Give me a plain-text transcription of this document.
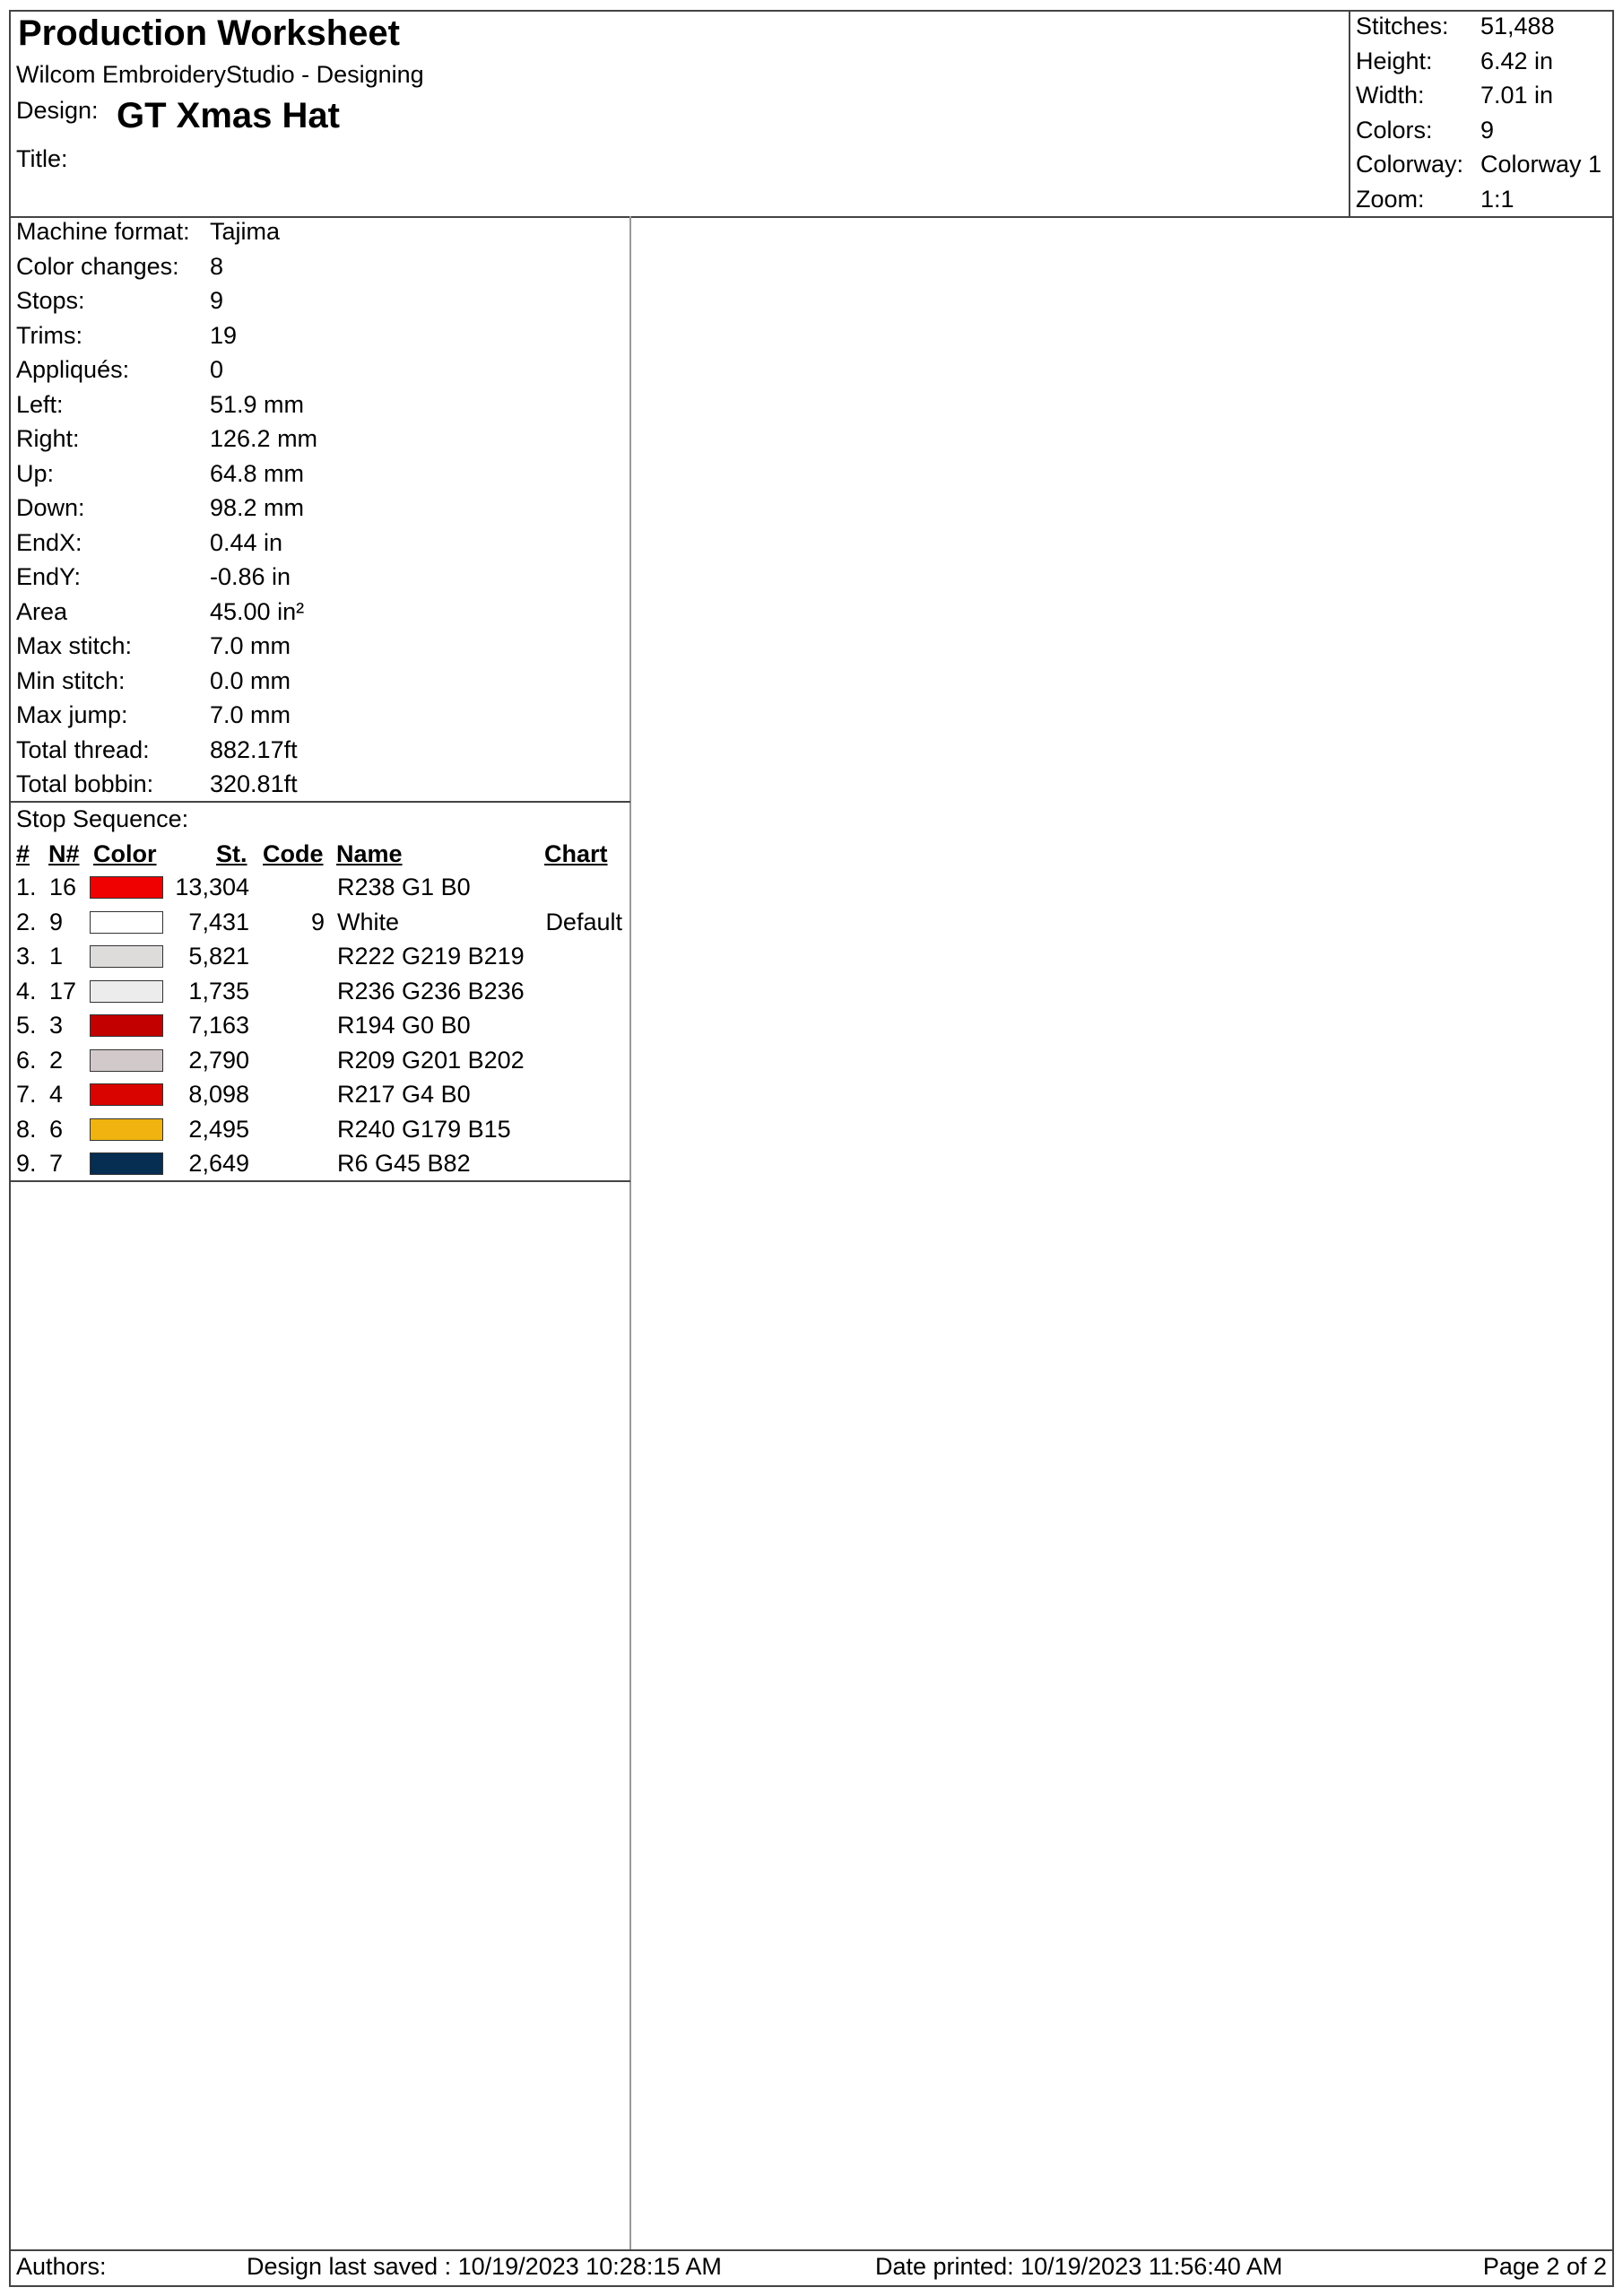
Production Worksheet
Wilcom EmbroideryStudio - Designing
Design: GT Xmas Hat
Title:
Stitches: 51,488
Height: 6.42 in
Width: 7.01 in
Colors: 9
Colorway: Colorway 1
Zoom: 1:1
Machine format: Tajima
Color changes: 8
Stops:	9
Trims:	19
Appliqués:	0
Left:	51.9 mm
Right:	126.2 mm
Up:	64.8 mm
Down:	98.2 mm
EndX:	0.44 in
EndY:	-0.86 in
Area	45.00 in²
Max stitch:	7.0 mm
Min stitch:	0.0 mm
Max jump:	7.0 mm
Total thread: 882.17ft
Total bobbin: 320.81ft
Stop Sequence:
# N# Color St. Code Name	Chart
1. 16	13,304	R238 G1 B0
2. 9	7,431	9 White	Default
3. 1	5,821	R222 G219 B219
4. 17	1,735	R236 G236 B236
5. 3	7,163	R194 G0 B0
6. 2	2,790	R209 G201 B202
7. 4	8,098	R217 G4 B0
8. 6	2,495	R240 G179 B15
9. 7	2,649	R6 G45 B82
Authors:	Design last saved : 10/19/2023 10:28:15 AM	Date printed: 10/19/2023 11:56:40 AM	Page 2 of 2
